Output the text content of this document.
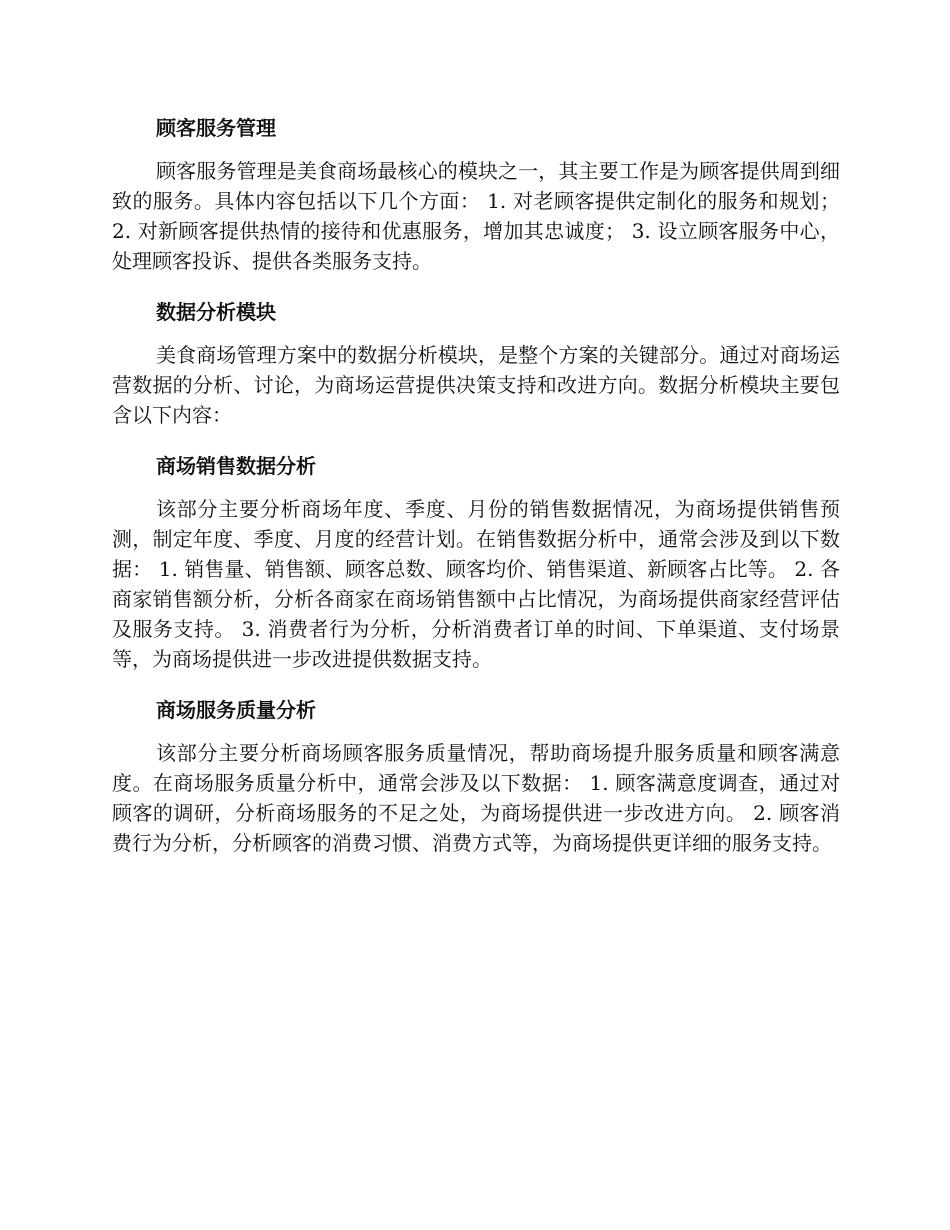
顾客服务管理

顾客服务管理是美食商场最核心的模块之一，其主要工作是为顾客提供周到细致的服务。具体内容包括以下几个方面： 1. 对老顾客提供定制化的服务和规划； 2. 对新顾客提供热情的接待和优惠服务，增加其忠诚度； 3. 设立顾客服务中心，处理顾客投诉、提供各类服务支持。

数据分析模块

美食商场管理方案中的数据分析模块，是整个方案的关键部分。通过对商场运营数据的分析、讨论，为商场运营提供决策支持和改进方向。数据分析模块主要包含以下内容：

商场销售数据分析

该部分主要分析商场年度、季度、月份的销售数据情况，为商场提供销售预测，制定年度、季度、月度的经营计划。在销售数据分析中，通常会涉及到以下数据： 1. 销售量、销售额、顾客总数、顾客均价、销售渠道、新顾客占比等。 2. 各商家销售额分析，分析各商家在商场销售额中占比情况，为商场提供商家经营评估及服务支持。 3. 消费者行为分析，分析消费者订单的时间、下单渠道、支付场景等，为商场提供进一步改进提供数据支持。

商场服务质量分析

该部分主要分析商场顾客服务质量情况，帮助商场提升服务质量和顾客满意度。在商场服务质量分析中，通常会涉及以下数据： 1. 顾客满意度调查，通过对顾客的调研，分析商场服务的不足之处，为商场提供进一步改进方向。 2. 顾客消费行为分析，分析顾客的消费习惯、消费方式等，为商场提供更详细的服务支持。
